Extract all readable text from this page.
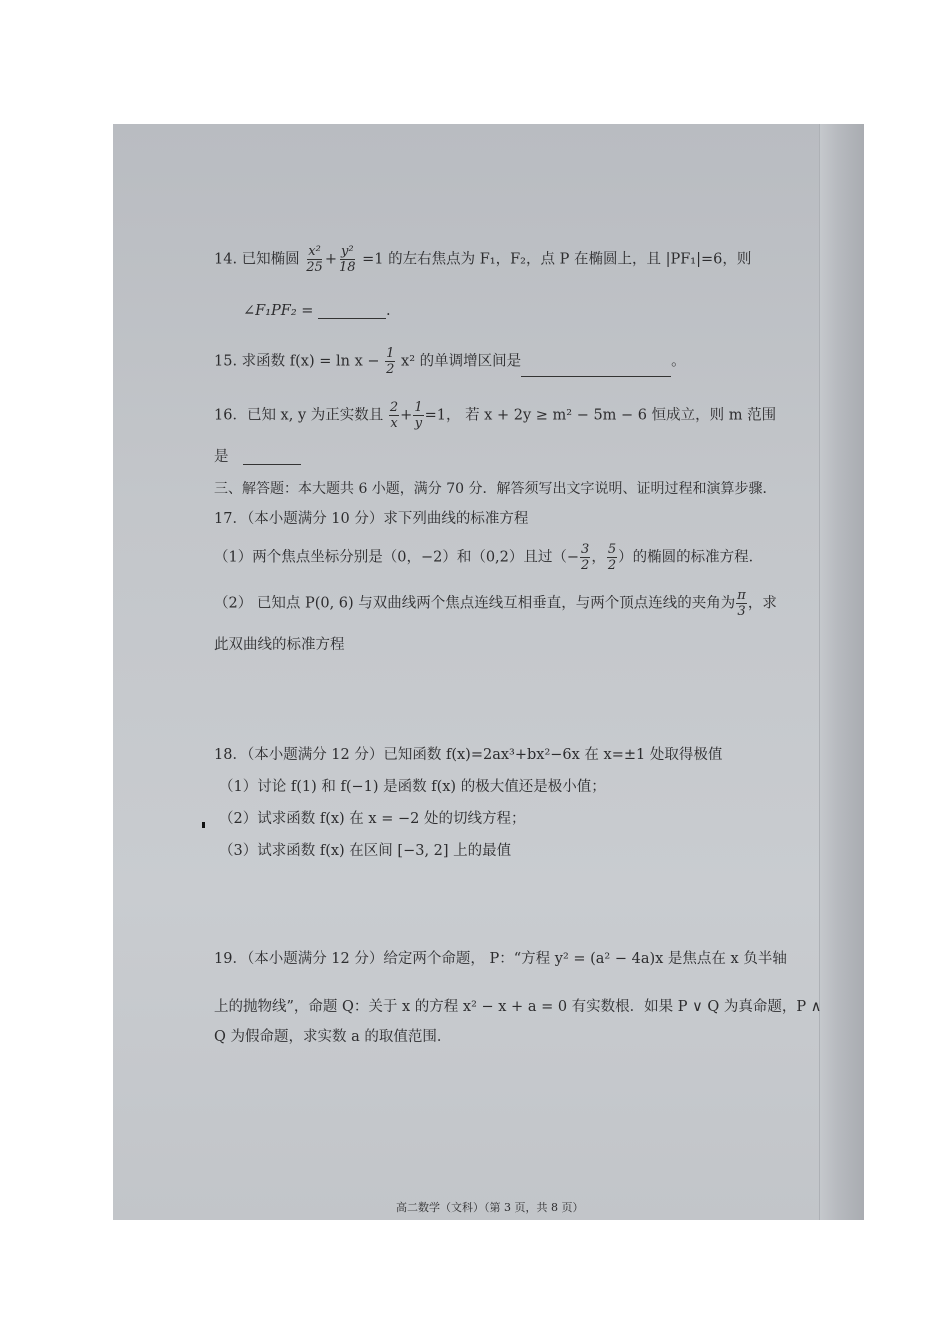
14. 已知椭圆 $\frac{\text{x²}}{25} + \frac{\text{y²}}{18} =1$ 的左右焦点为 F₁，F₂，点 P 在椭圆上，且 |PF₁|=6，则
∠F₁PF₂ =	.
15. 求函数 $f(x) = \ln x - \frac{1}{2} x^2$ 的单调增区间是	。
16．已知 x, y 为正实数且 $\frac{2}{x} + \frac{1}{y} =1$， 若 x + 2y ≥ m² − 5m − 6 恒成立，则 m 范围
是
三、解答题：本大题共 6 小题，满分 70 分．解答须写出文字说明、证明过程和演算步骤．
17．（本小题满分 10 分）求下列曲线的标准方程
（1）两个焦点坐标分别是（0，−2）和（0,2）且过（− $\frac{3}{2}$ ， $\frac{5}{2}$ ）的椭圆的标准方程．
（2） 已知点 P(0, 6) 与双曲线两个焦点连线互相垂直，与两个顶点连线的夹角为 $\frac{\pi}{3}$ ，求
此双曲线的标准方程
18．（本小题满分 12 分）已知函数 f(x)=2ax³+bx²−6x 在 x=±1 处取得极值
（1）讨论 f(1) 和 f(−1) 是函数 f(x) 的极大值还是极小值；
（2）试求函数 f(x) 在 x = −2 处的切线方程；
（3）试求函数 f(x) 在区间 [−3, 2] 上的最值
19．（本小题满分 12 分）给定两个命题， P：“方程 y² = (a² − 4a)x 是焦点在 x 负半轴
上的抛物线”，命题 Q：关于 x 的方程 x² − x + a = 0 有实数根．如果 P ∨ Q 为真命题，P ∧
Q 为假命题，求实数 a 的取值范围．
高二数学（文科）（第 3 页，共 8 页）
